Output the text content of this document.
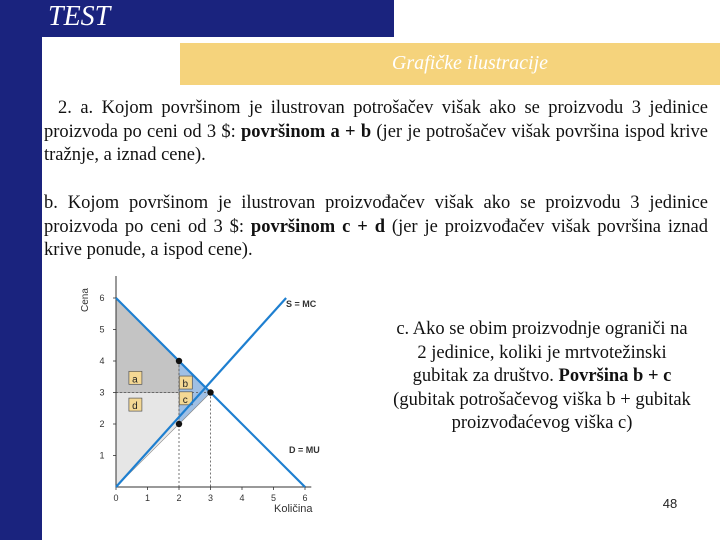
TEST
Grafičke ilustracije
2. a. Kojom površinom je ilustrovan potrošačev višak ako se proizvodu 3 jedinice proizvoda po ceni od 3 $: površinom a + b (jer je potrošačev višak površina ispod krive tražnje, a iznad cene).
b. Kojom površinom je ilustrovan proizvođačev višak ako se proizvodu 3 jedinice proizvoda po ceni od 3 $: površinom c + d (jer je proizvođačev višak površina iznad krive ponude, a ispod cene).
c. Ako se obim proizvodnje ograniči na 2 jedinice, koliki je mrtvotežinski gubitak za društvo. Površina b + c (gubitak potrošačevog viška b + gubitak proizvođaćevog viška c)
a	b
c
d
0	1	2	3	4	5	6
1
2
3
4
5
6
Cena
Količina
S = MC
D = MU
48
